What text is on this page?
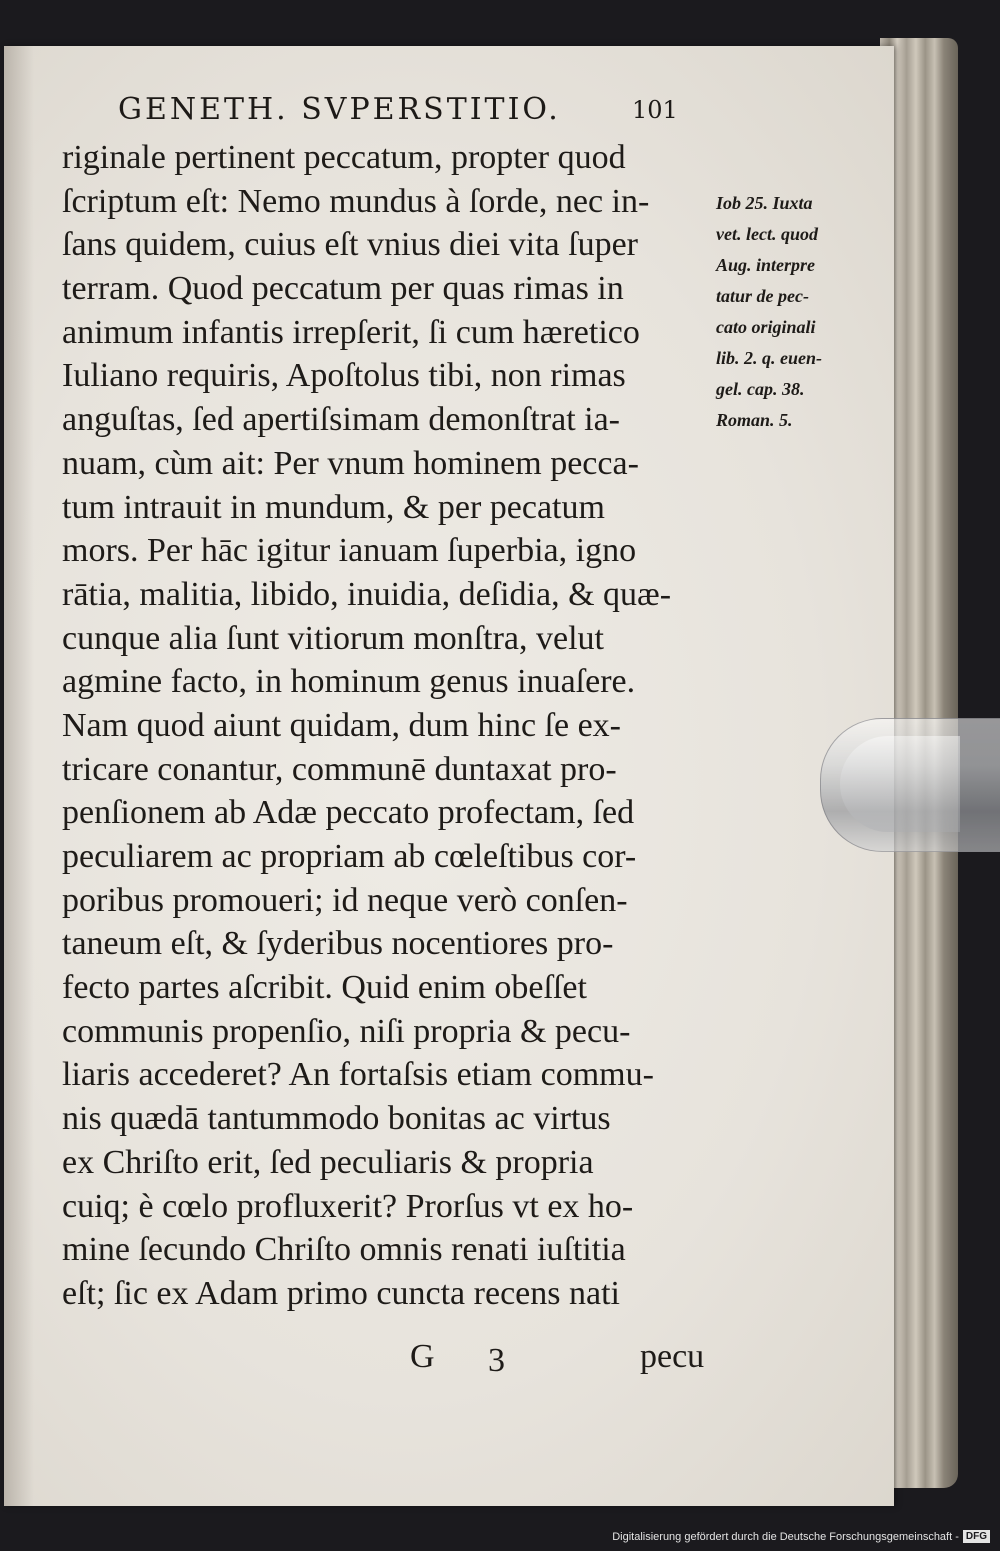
GENETH. SVPERSTITIO.	101
riginale pertinent peccatum, propter quod
ſcriptum eſt: Nemo mundus à ſorde, nec in-
ſans quidem, cuius eſt vnius diei vita ſuper
terram. Quod peccatum per quas rimas in
animum infantis irrepſerit, ſi cum hæretico
Iuliano requiris, Apoſtolus tibi, non rimas
anguſtas, ſed apertiſsimam demonſtrat ia-
nuam, cùm ait: Per vnum hominem pecca-
tum intrauit in mundum, & per pecatum
mors. Per hāc igitur ianuam ſuperbia, igno
rātia, malitia, libido, inuidia, deſidia, & quæ-
cunque alia ſunt vitiorum monſtra, velut
agmine facto, in hominum genus inuaſere.
Nam quod aiunt quidam, dum hinc ſe ex-
tricare conantur, communē duntaxat pro-
penſionem ab Adæ peccato profectam, ſed
peculiarem ac propriam ab cœleſtibus cor-
poribus promoueri; id neque verò conſen-
taneum eſt, & ſyderibus nocentiores pro-
fecto partes aſcribit. Quid enim obeſſet
communis propenſio, niſi propria & pecu-
liaris accederet? An fortaſsis etiam commu-
nis quædā tantummodo bonitas ac virtus
ex Chriſto erit, ſed peculiaris & propria
cuiq; è cœlo profluxerit? Prorſus vt ex ho-
mine ſecundo Chriſto omnis renati iuſtitia
eſt; ſic ex Adam primo cuncta recens nati
Iob 25. Iuxta
vet. lect. quod
Aug. interpre
tatur de pec-
cato originali
lib. 2. q. euen-
gel. cap. 38.
Roman. 5.
G 3	pecu
Digitalisierung gefördert durch die Deutsche Forschungsgemeinschaft - DFG
